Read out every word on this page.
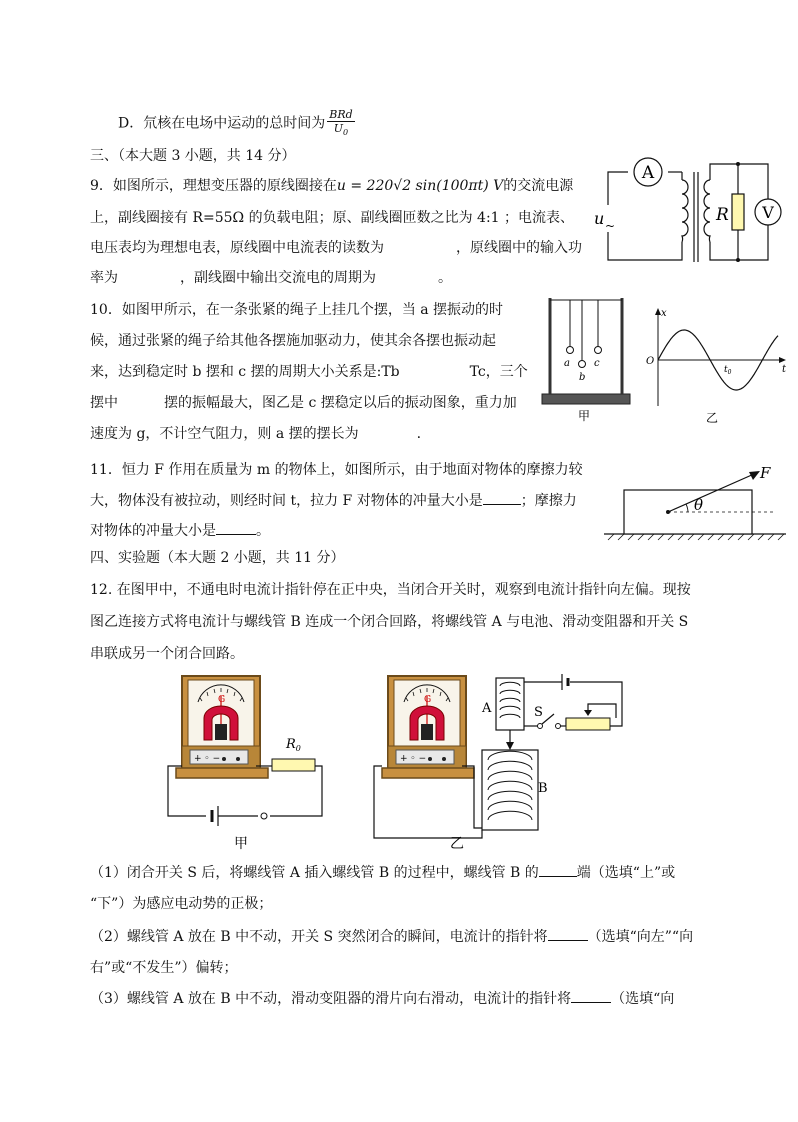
D．氘核在电场中运动的总时间为 $\frac{\text{BRd}}{U_0}$
三、（本大题 3 小题，共 14 分）
9．如图所示，理想变压器的原线圈接在u = 220√2 sin(100πt) V的交流电源
上，副线圈接有 R=55Ω 的负载电阻；原、副线圈匝数之比为 4:1 ；电流表、
电压表均为理想电表，原线圈中电流表的读数为	，原线圈中的输入功
率为	，副线圈中输出交流电的周期为	。
A
V
R
u ~
10．如图甲所示，在一条张紧的绳子上挂几个摆，当 a 摆振动的时
候，通过张紧的绳子给其他各摆施加驱动力，使其余各摆也振动起
来，达到稳定时 b 摆和 c 摆的周期大小关系是:Tb	Tc，三个
摆中	摆的振幅最大，图乙是 c 摆稳定以后的振动图象，重力加
速度为 g，不计空气阻力，则 a 摆的摆长为	.
a
b
c
甲
x
t
O
$t_0$
乙
11．恒力 F 作用在质量为 m 的物体上，如图所示，由于地面对物体的摩擦力较
大，物体没有被拉动，则经时间 t，拉力 F 对物体的冲量大小是	；摩擦力
对物体的冲量大小是	。
θ
F
四、实验题（本大题 2 小题，共 11 分）
12. 在图甲中，不通电时电流计指针停在正中央，当闭合开关时，观察到电流计指针向左偏。现按
图乙连接方式将电流计与螺线管 B 连成一个闭合回路，将螺线管 A 与电池、滑动变阻器和开关 S
串联成另一个闭合回路。
G
+ ◦ −
$R_0$
甲
G
+ ◦ −
A	S
B
乙
（1）闭合开关 S 后，将螺线管 A 插入螺线管 B 的过程中，螺线管 B 的	端（选填“上”或
“下”）为感应电动势的正极；
（2）螺线管 A 放在 B 中不动，开关 S 突然闭合的瞬间，电流计的指针将	（选填“向左”“向
右”或“不发生”）偏转；
（3）螺线管 A 放在 B 中不动，滑动变阻器的滑片向右滑动，电流计的指针将	（选填“向
